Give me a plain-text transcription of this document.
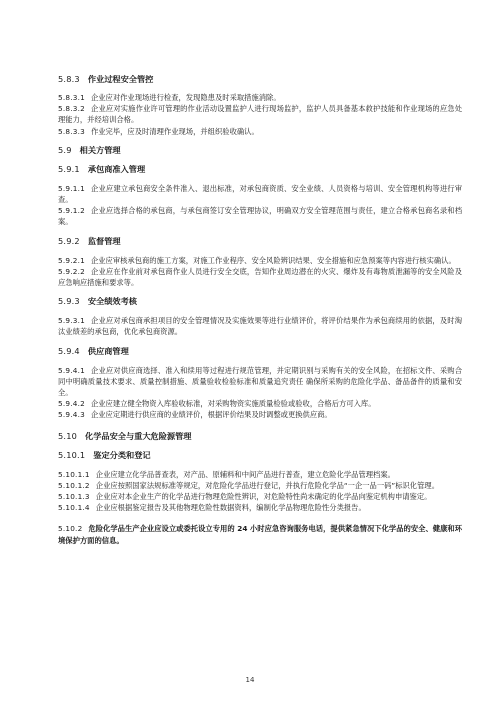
5.8.3 作业过程安全管控
5.8.3.1 企业应对作业现场进行检查，发现隐患及时采取措施消除。
5.8.3.2 企业应对实施作业许可管理的作业活动设置监护人进行现场监护，监护人员具备基本救护技能和作业现场的应急处理能力，并经培训合格。
5.8.3.3 作业完毕，应及时清理作业现场，并组织验收确认。
5.9 相关方管理
5.9.1 承包商准入管理
5.9.1.1 企业应建立承包商安全条件准入、退出标准，对承包商资质、安全业绩、人员资格与培训、安全管理机构等进行审查。
5.9.1.2 企业应选择合格的承包商，与承包商签订安全管理协议，明确双方安全管理范围与责任，建立合格承包商名录和档案。
5.9.2 监督管理
5.9.2.1 企业应审核承包商的施工方案，对施工作业程序、安全风险辨识结果、安全措施和应急预案等内容进行核实确认。
5.9.2.2 企业应在作业前对承包商作业人员进行安全交底，告知作业周边潜在的火灾、爆炸及有毒物质泄漏等的安全风险及应急响应措施和要求等。
5.9.3 安全绩效考核
5.9.3.1 企业应对承包商承担项目的安全管理情况及实施效果等进行业绩评价，将评价结果作为承包商续用的依据，及时淘汰业绩差的承包商，优化承包商资源。
5.9.4 供应商管理
5.9.4.1 企业应对供应商选择、准入和续用等过程进行规范管理，并定期识别与采购有关的安全风险，在招标文件、采购合同中明确质量技术要求、质量控制措施、质量验收检验标准和质量追究责任 确保所采购的危险化学品、备品备件的质量和安全。
5.9.4.2 企业应建立健全物资入库验收标准，对采购物资实施质量检验或验收，合格后方可入库。
5.9.4.3 企业应定期进行供应商的业绩评价，根据评价结果及时调整或更换供应商。
5.10 化学品安全与重大危险源管理
5.10.1 鉴定分类和登记
5.10.1.1 企业应建立化学品普查表，对产品、原辅料和中间产品进行普查，建立危险化学品管理档案。
5.10.1.2 企业应按照国家法规标准等规定，对危险化学品进行登记，并执行危险化学品“一企一品一码”标识化管理。
5.10.1.3 企业应对本企业生产的化学品进行物理危险性辨识，对危险特性尚未确定的化学品向鉴定机构申请鉴定。
5.10.1.4 企业应根据鉴定报告及其他物理危险性数据资料，编制化学品物理危险性分类报告。
5.10.2 危险化学品生产企业应设立或委托设立专用的 24 小时应急咨询服务电话，提供紧急情况下化学品的安全、健康和环境保护方面的信息。
14
